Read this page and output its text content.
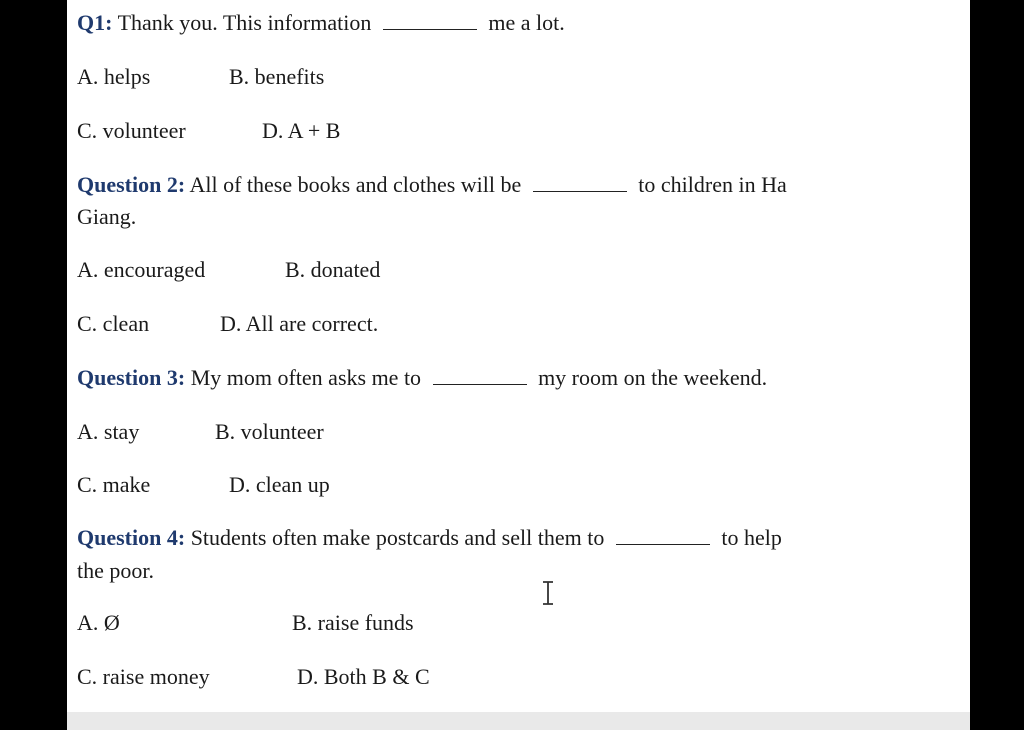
Q1: Thank you. This information	me a lot.
A. helps	B. benefits
C. volunteer	D. A + B
Question 2: All of these books and clothes will be	to children in Ha
Giang.
A. encouraged	B. donated
C. clean	D. All are correct.
Question 3: My mom often asks me to	my room on the weekend.
A. stay	B. volunteer
C. make	D. clean up
Question 4: Students often make postcards and sell them to	to help
the poor.
A. Ø	B. raise funds
C. raise money	D. Both B & C
